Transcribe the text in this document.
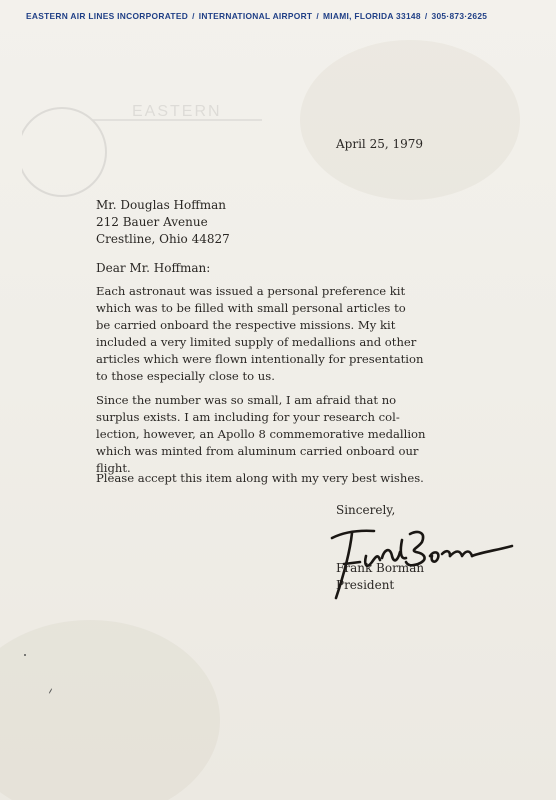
EASTERN
EASTERN AIR LINES INCORPORATED / INTERNATIONAL AIRPORT / MIAMI, FLORIDA 33148 / 305·873·2625
April 25, 1979
Mr. Douglas Hoffman
212 Bauer Avenue
Crestline, Ohio 44827
Dear Mr. Hoffman:
Each astronaut was issued a personal preference kit
which was to be filled with small personal articles to
be carried onboard the respective missions. My kit
included a very limited supply of medallions and other
articles which were flown intentionally for presentation
to those especially close to us.
Since the number was so small, I am afraid that no
surplus exists. I am including for your research col-
lection, however, an Apollo 8 commemorative medallion
which was minted from aluminum carried onboard our
flight.
Please accept this item along with my very best wishes.
Sincerely,
Frank Borman
President
